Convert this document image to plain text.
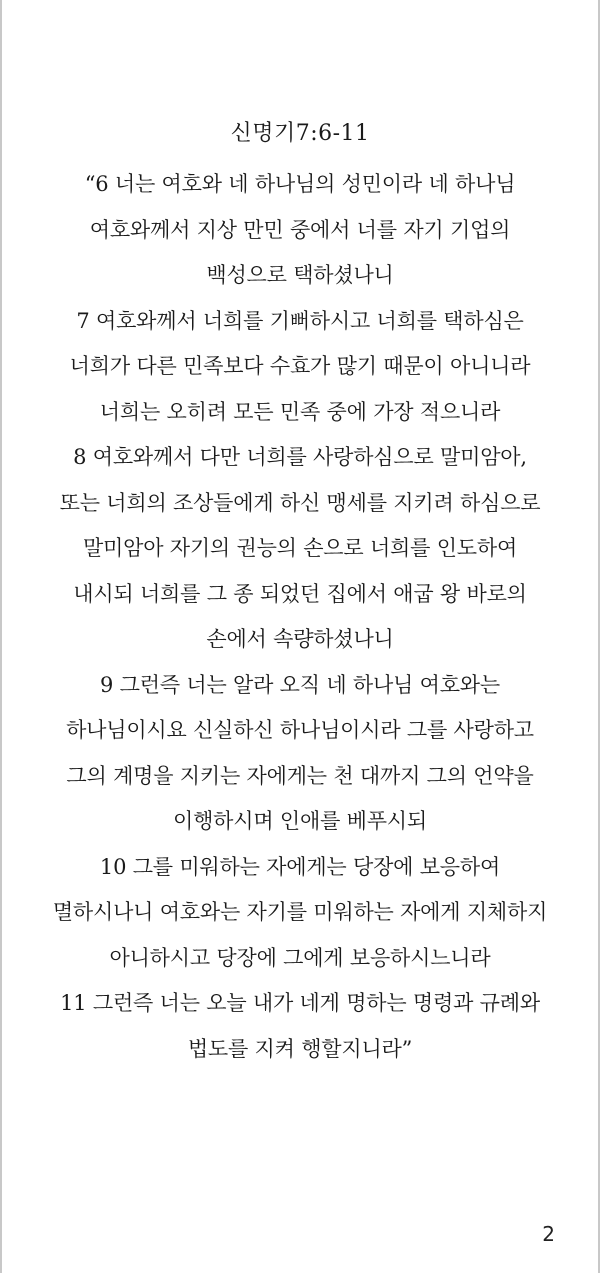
신명기7:6-11
“6 너는 여호와 네 하나님의 성민이라 네 하나님
여호와께서 지상 만민 중에서 너를 자기 기업의
백성으로 택하셨나니
7 여호와께서 너희를 기뻐하시고 너희를 택하심은
너희가 다른 민족보다 수효가 많기 때문이 아니니라
너희는 오히려 모든 민족 중에 가장 적으니라
8 여호와께서 다만 너희를 사랑하심으로 말미암아,
또는 너희의 조상들에게 하신 맹세를 지키려 하심으로
말미암아 자기의 권능의 손으로 너희를 인도하여
내시되 너희를 그 종 되었던 집에서 애굽 왕 바로의
손에서 속량하셨나니
9 그런즉 너는 알라 오직 네 하나님 여호와는
하나님이시요 신실하신 하나님이시라 그를 사랑하고
그의 계명을 지키는 자에게는 천 대까지 그의 언약을
이행하시며 인애를 베푸시되
10 그를 미워하는 자에게는 당장에 보응하여
멸하시나니 여호와는 자기를 미워하는 자에게 지체하지
아니하시고 당장에 그에게 보응하시느니라
11 그런즉 너는 오늘 내가 네게 명하는 명령과 규례와
법도를 지켜 행할지니라”
2
